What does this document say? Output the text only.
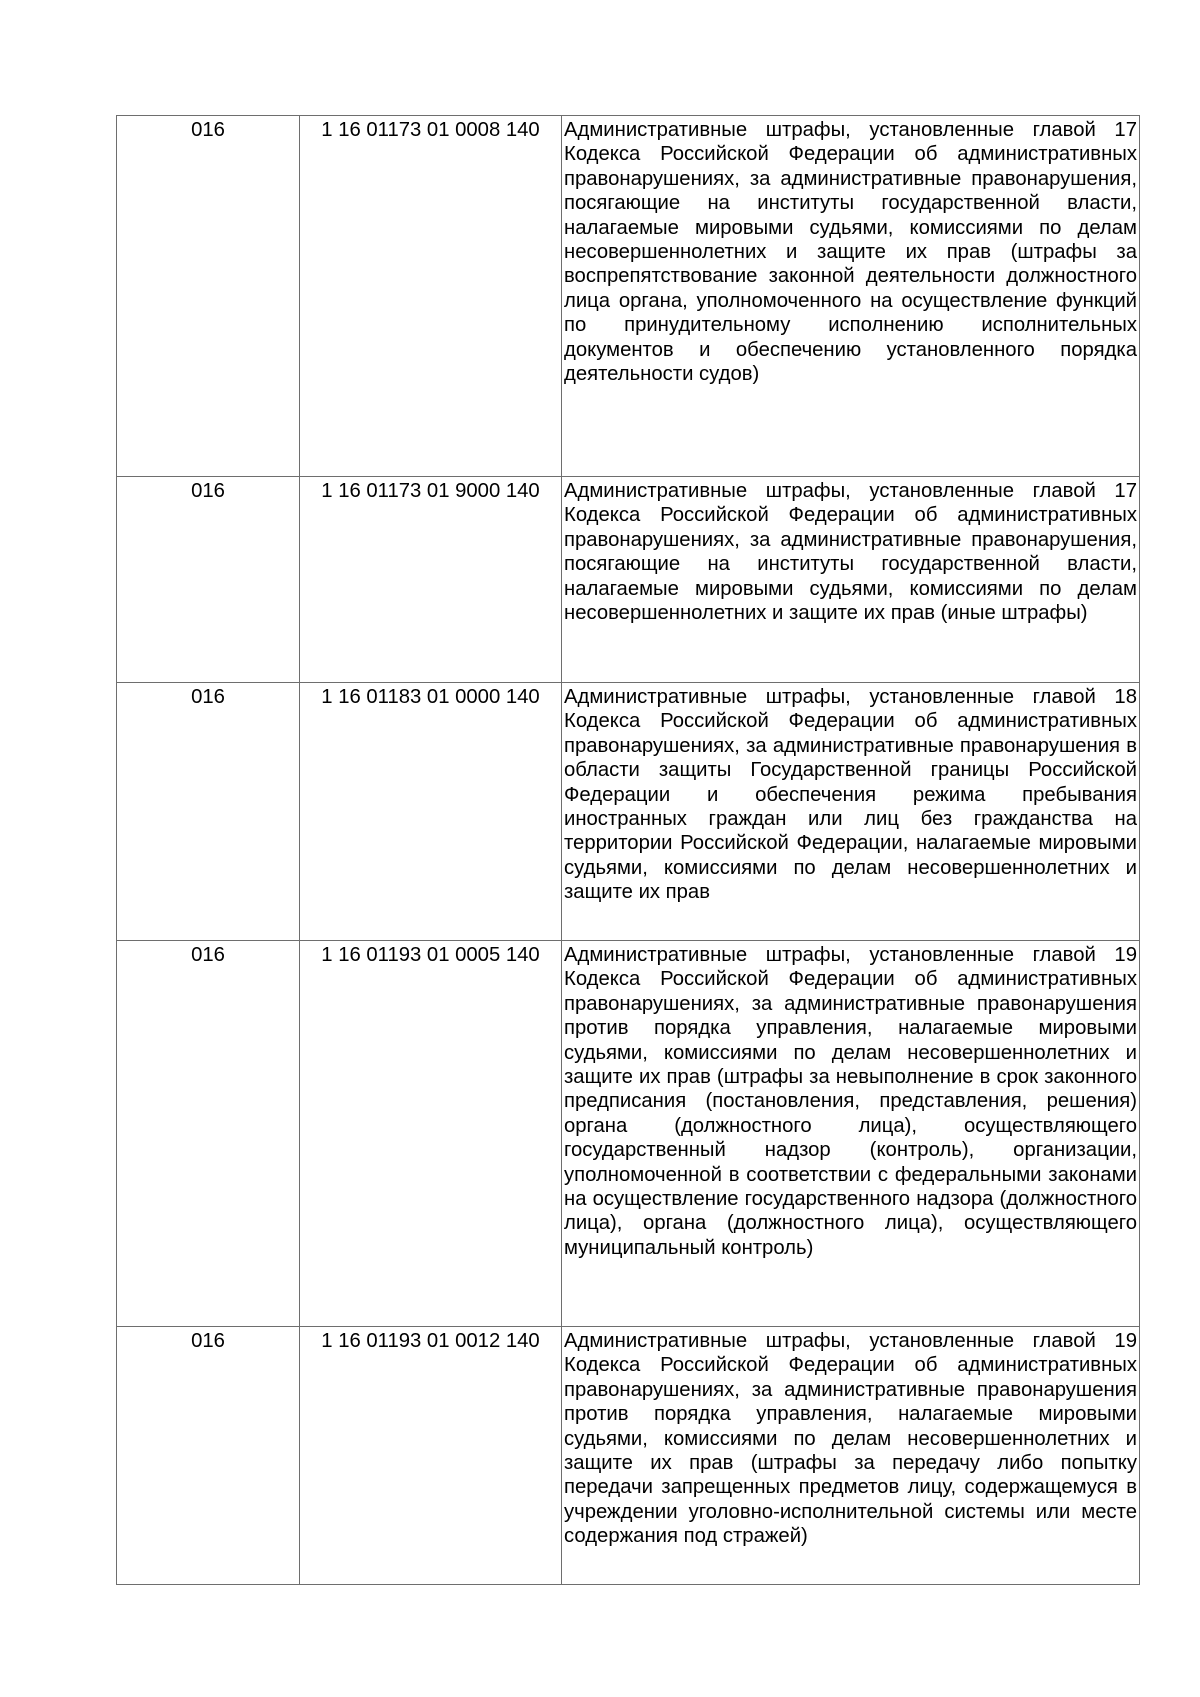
016	1 16 01173 01 0008 140	Административные штрафы, установленные главой 17 Кодекса Российской Федерации об административных правонарушениях, за административные правонарушения, посягающие на институты государственной власти, налагаемые мировыми судьями, комиссиями по делам несовершеннолетних и защите их прав (штрафы за воспрепятствование законной деятельности должностного лица органа, уполномоченного на осуществление функций по принудительному исполнению исполнительных документов и обеспечению установленного порядка деятельности судов)

016	1 16 01173 01 9000 140	Административные штрафы, установленные главой 17 Кодекса Российской Федерации об административных правонарушениях, за административные правонарушения, посягающие на институты государственной власти, налагаемые мировыми судьями, комиссиями по делам несовершеннолетних и защите их прав (иные штрафы)

016	1 16 01183 01 0000 140	Административные штрафы, установленные главой 18 Кодекса Российской Федерации об административных правонарушениях, за административные правонарушения в области защиты Государственной границы Российской Федерации и обеспечения режима пребывания иностранных граждан или лиц без гражданства на территории Российской Федерации, налагаемые мировыми судьями, комиссиями по делам несовершеннолетних и защите их прав

016	1 16 01193 01 0005 140	Административные штрафы, установленные главой 19 Кодекса Российской Федерации об административных правонарушениях, за административные правонарушения против порядка управления, налагаемые мировыми судьями, комиссиями по делам несовершеннолетних и защите их прав (штрафы за невыполнение в срок законного предписания (постановления, представления, решения) органа (должностного лица), осуществляющего государственный надзор (контроль), организации, уполномоченной в соответствии с федеральными законами на осуществление государственного надзора (должностного лица), органа (должностного лица), осуществляющего муниципальный контроль)

016	1 16 01193 01 0012 140	Административные штрафы, установленные главой 19 Кодекса Российской Федерации об административных правонарушениях, за административные правонарушения против порядка управления, налагаемые мировыми судьями, комиссиями по делам несовершеннолетних и защите их прав (штрафы за передачу либо попытку передачи запрещенных предметов лицу, содержащемуся в учреждении уголовно-исполнительной системы или месте содержания под стражей)
